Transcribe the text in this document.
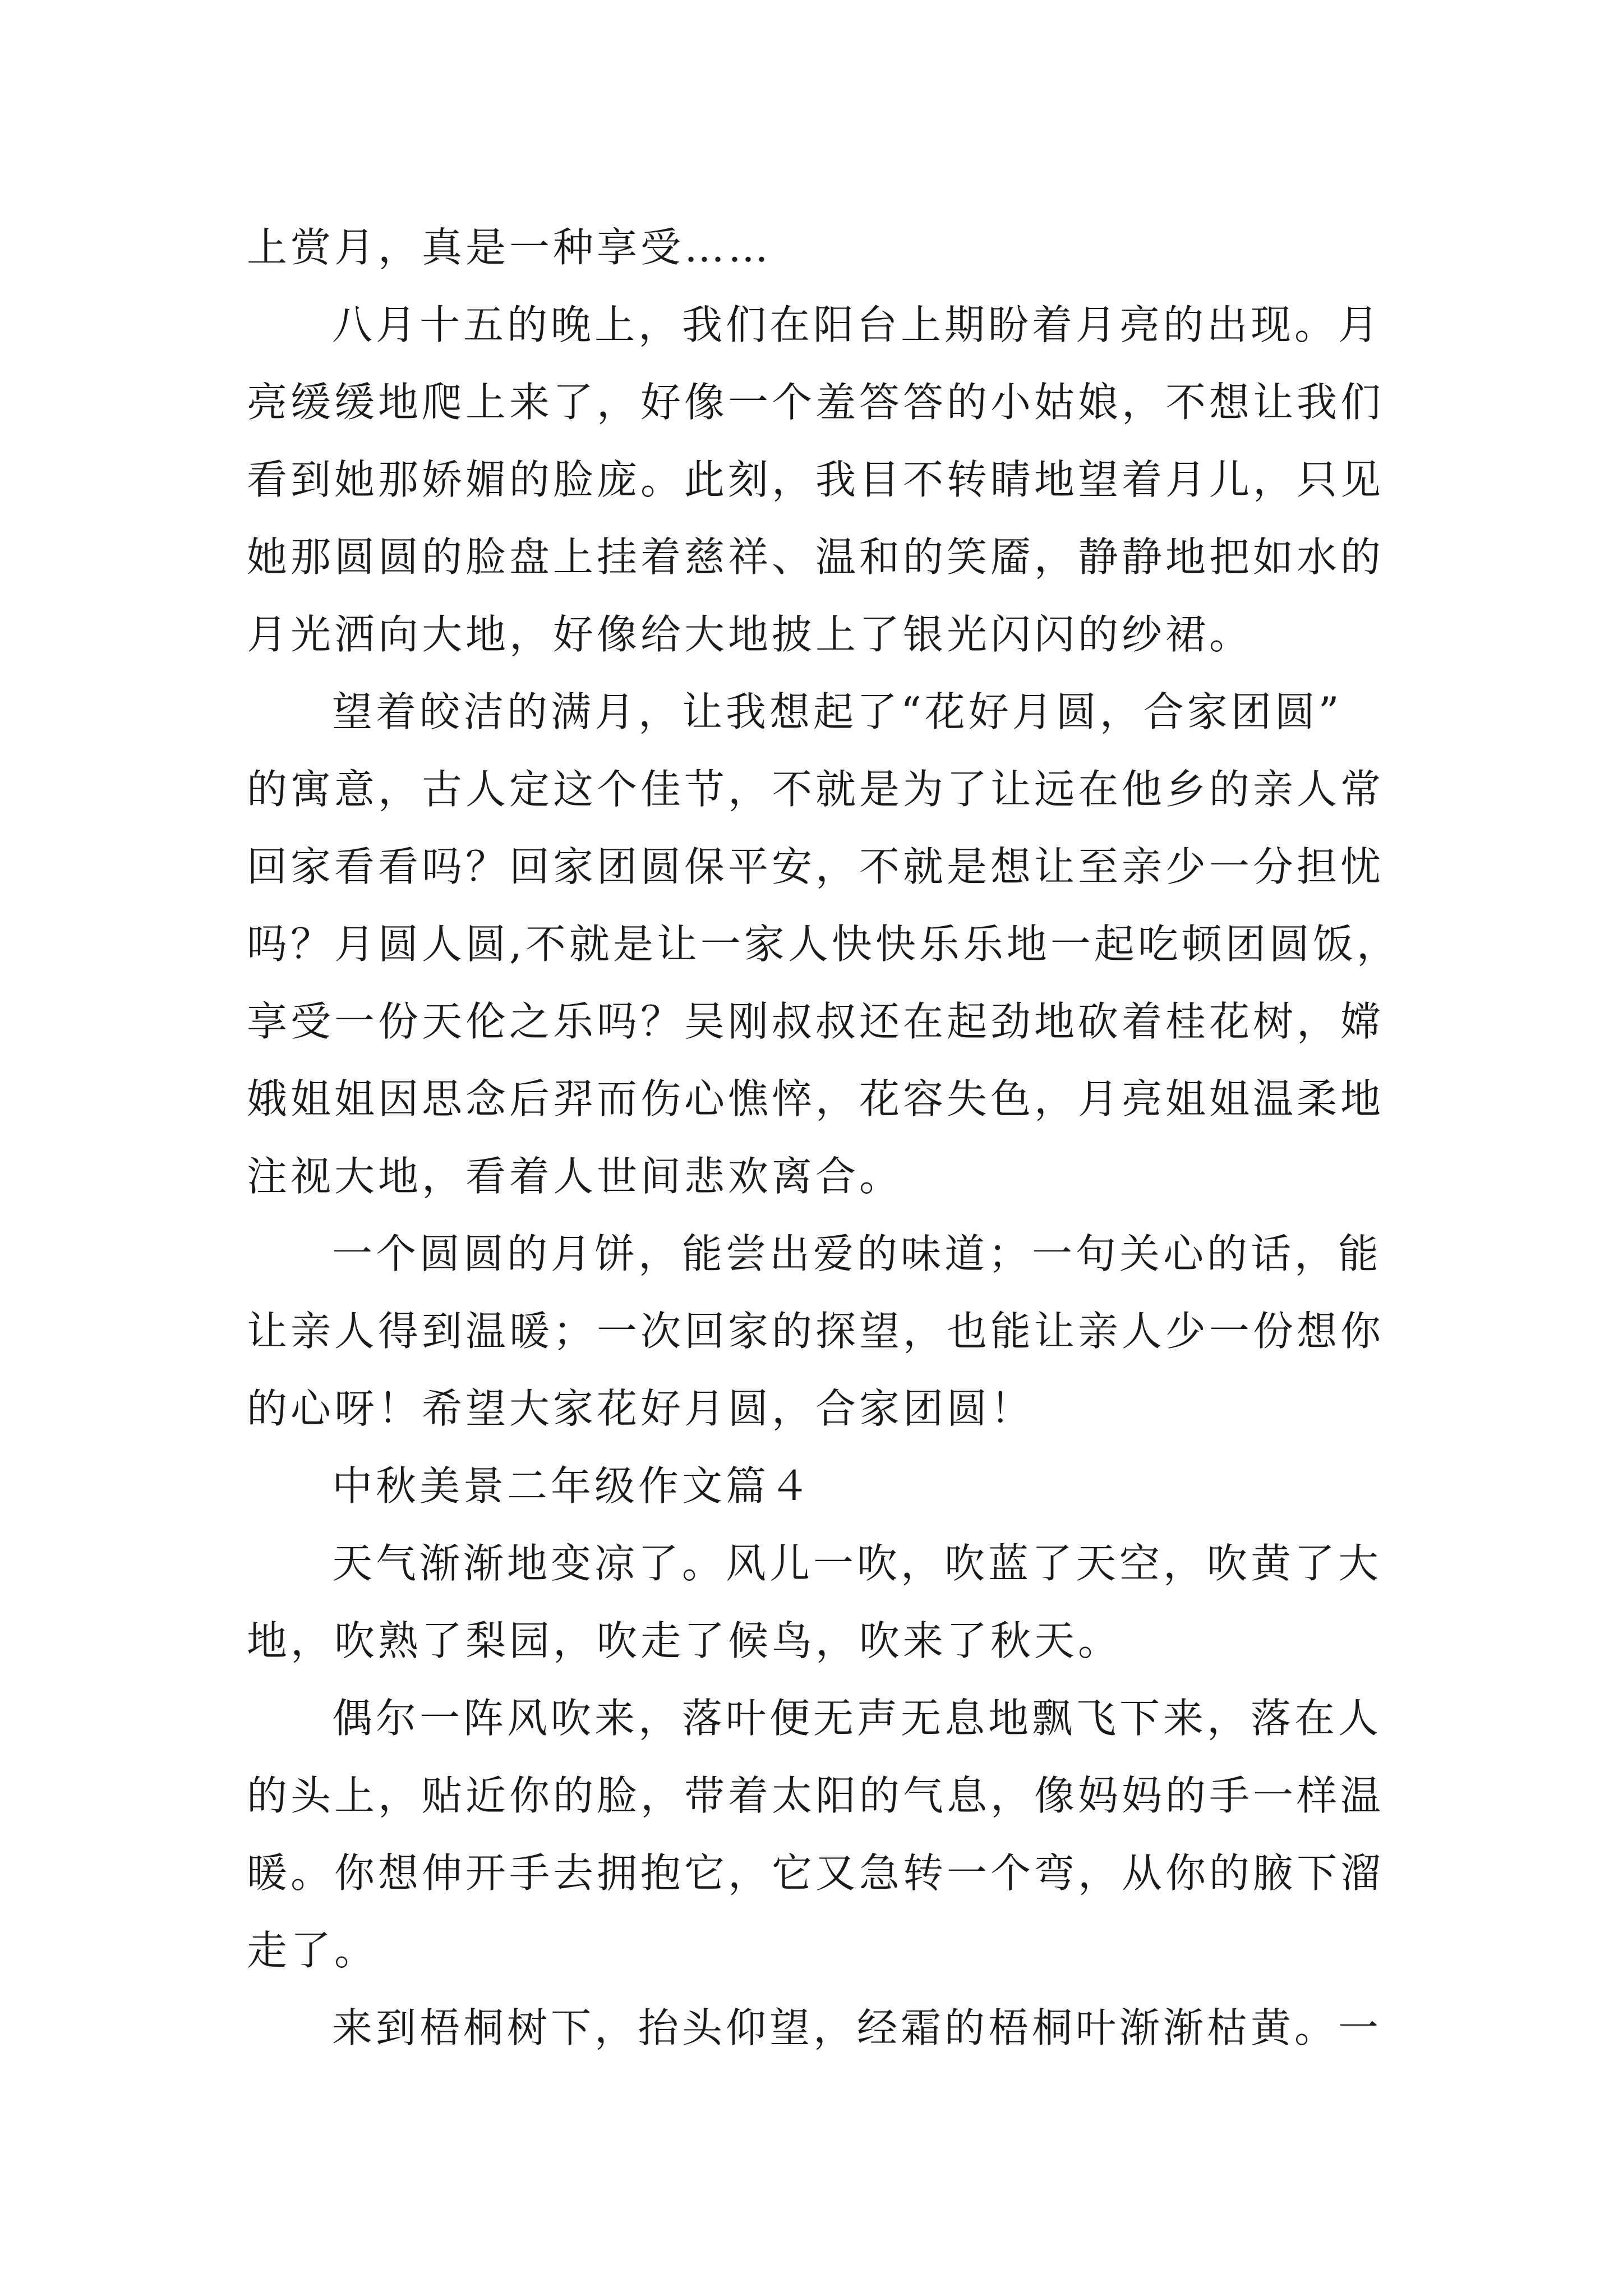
上赏月，真是一种享受……
八月十五的晚上，我们在阳台上期盼着月亮的出现。月
亮缓缓地爬上来了，好像一个羞答答的小姑娘，不想让我们
看到她那娇媚的脸庞。此刻，我目不转睛地望着月儿，只见
她那圆圆的脸盘上挂着慈祥、温和的笑靥，静静地把如水的
月光洒向大地，好像给大地披上了银光闪闪的纱裙。
望着皎洁的满月，让我想起了“花好月圆，合家团圆”
的寓意，古人定这个佳节，不就是为了让远在他乡的亲人常
回家看看吗？回家团圆保平安，不就是想让至亲少一分担忧
吗？月圆人圆,不就是让一家人快快乐乐地一起吃顿团圆饭，
享受一份天伦之乐吗？吴刚叔叔还在起劲地砍着桂花树，嫦
娥姐姐因思念后羿而伤心憔悴，花容失色，月亮姐姐温柔地
注视大地，看着人世间悲欢离合。
一个圆圆的月饼，能尝出爱的味道；一句关心的话，能
让亲人得到温暖；一次回家的探望，也能让亲人少一份想你
的心呀！希望大家花好月圆，合家团圆！
中秋美景二年级作文篇４
天气渐渐地变凉了。风儿一吹，吹蓝了天空，吹黄了大
地，吹熟了梨园，吹走了候鸟，吹来了秋天。
偶尔一阵风吹来，落叶便无声无息地飘飞下来，落在人
的头上，贴近你的脸，带着太阳的气息，像妈妈的手一样温
暖。你想伸开手去拥抱它，它又急转一个弯，从你的腋下溜
走了。
来到梧桐树下，抬头仰望，经霜的梧桐叶渐渐枯黄。一
